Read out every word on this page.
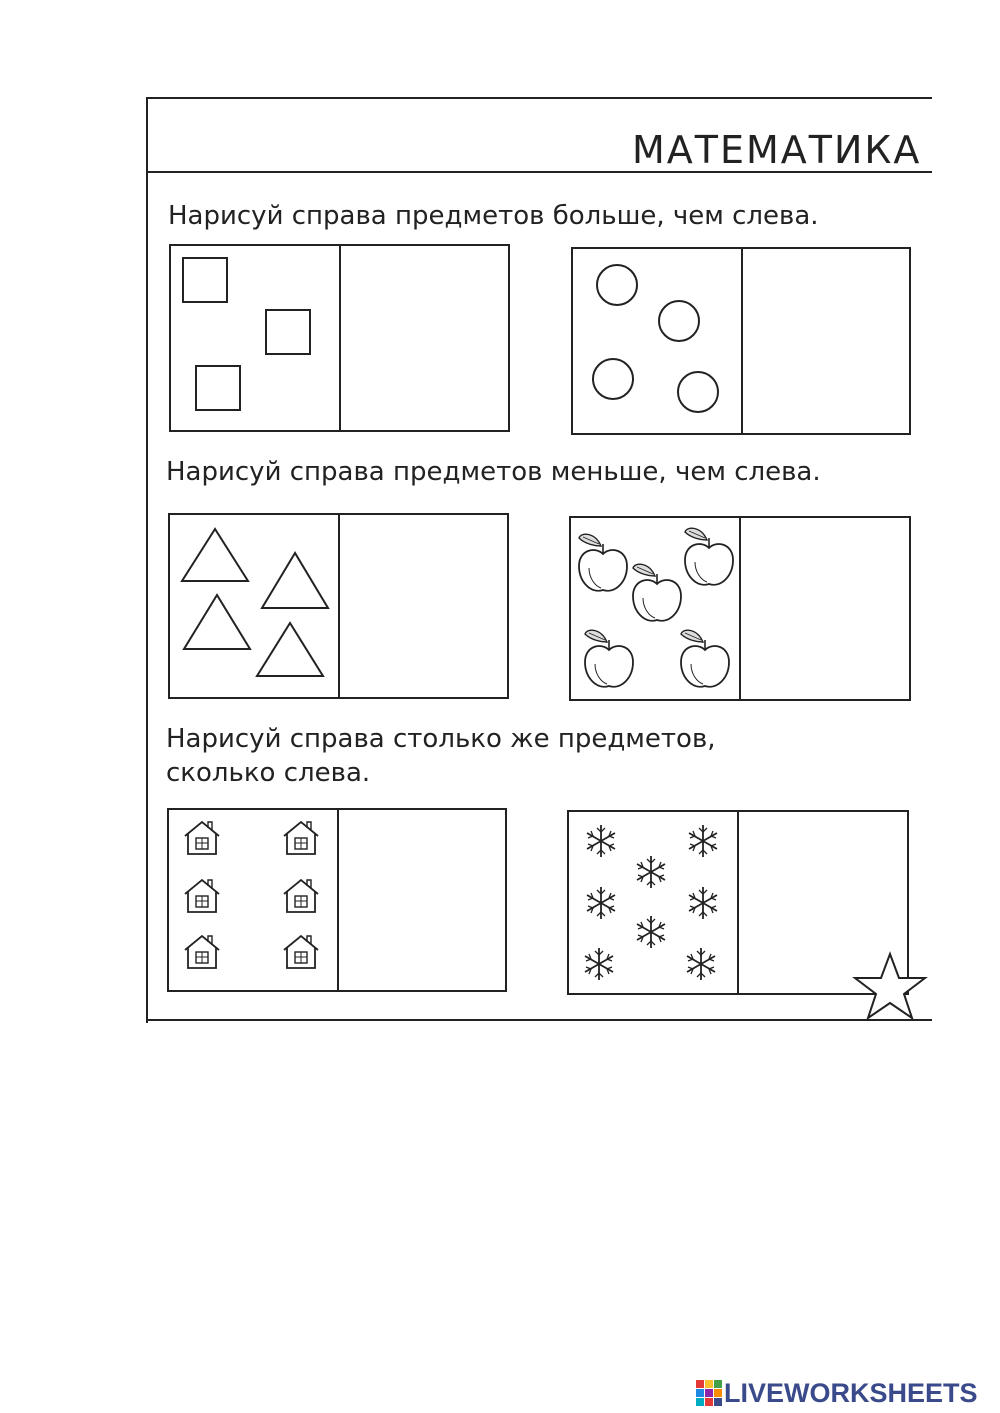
МАТЕМАТИКА
Нарисуй справа предметов больше, чем слева.
Нарисуй справа предметов меньше, чем слева.
Нарисуй справа столько же предметов,
сколько слева.
LIVEWORKSHEETS
